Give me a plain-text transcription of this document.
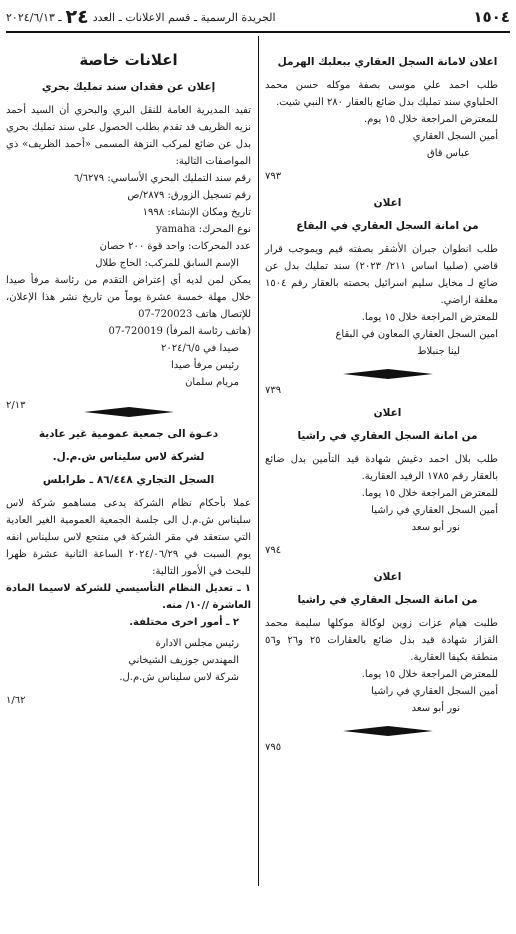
١٥٠٤
الجريدة الرسمية ـ قسم الاعلانات ـ العدد
٢٤
ـ ٢٠٢٤/٦/١٣
اعلان لامانة السجل العقاري ببعلبك الهرمل

طلب احمد علي موسى بصفة موكله حسن محمد الحلباوي سند تمليك بدل ضائع بالعقار ٢٨٠ النبي شيت.

للمعترض المراجعة خلال ١٥ يوم.

أمين السجل العقاري

عباس قاق

٧٩٣
اعلان
من امانة السجل العقاري في البقاع

طلب انطوان جبران الأشقر بصفته قيم ويموجب قرار قاضي (صلبيا اساس ٢١١/ ٢٠٢٣) سند تمليك بدل عن ضائع لـ مخايل سليم اسرائيل بحصته بالعقار رقم ١٥٠٤ معلقة اراضي.

للمعترض المراجعة خلال ١٥ يوما.

امين السجل العقاري المعاون في البقاع

لينا جنبلاط

٧٣٩
اعلان
من امانة السجل العقاري في راشيا

طلب بلال احمد دغيش شهادة قيد التأمين بدل ضائع بالعقار رقم ١٧٨٥ الرفيد العقارية.

للمعترض المراجعة خلال ١٥ يوما.

أمين السجل العقاري في راشيا

نور أبو سعد

٧٩٤
اعلان
من امانة السجل العقاري في راشيا

طلبت هيام عزات زوين لوكالة موكلها سليمة محمد القزاز شهادة قيد بدل ضائع بالعقارات ٢٥ و٢٦ و٥٦ منطقة بكيفا العقارية.

للمعترض المراجعة خلال ١٥ يوما.

أمين السجل العقاري في راشيا

نور أبو سعد

٧٩٥
اعلانات خاصة
إعلان عن فقدان سند تمليك بحري

تفيد المديرية العامة للنقل البري والبحري أن السيد أحمد نزيه الظريف قد تقدم بطلب الحصول على سند تمليك بحري بدل عن ضائع لمركب النزهة المسمى «أحمد الظريف» ذي المواصفات التالية:

رقم سند التمليك البحري الأساسي: ٦/٦٢٧٩

رقم تسجيل الزورق: ٢٨٧٩/ص

تاريخ ومكان الإنشاء: ١٩٩٨

نوع المحرك: yamaha

عدد المحركات: واحد قوة ٢٠٠ حصان

الإسم السابق للمركب: الحاج طلال

يمكن لمن لديه أي إعتراض التقدم من رئاسة مرفأ صيدا خلال مهلة خمسة عشرة يوماً من تاريخ نشر هذا الإعلان، للإتصال هاتف 720023-07

(هاتف رئاسة المرفأ) 720019-07

صيدا في ٢٠٢٤/٦/٥

رئيس مرفأ صيدا

مريام سلمان

٢/١٣
دعـوة الى جمعية عمومية غير عادية
لشركة لاس سليناس ش.م.ل.
السجل التجاري ٨٦/٤٤٨ ـ طرابلس

عملا بأحكام نظام الشركة يدعى مساهمو شركة لاس سليناس ش.م.ل الى جلسة الجمعية العمومية الغير العادية التي ستعقد في مقر الشركة في منتجع لاس سليناس انفه يوم السبت في ٢٠٢٤/٠٦/٢٩ الساعة الثانية عشرة ظهرا للبحث في الأمور التالية:

١ ـ تعديل النظام التأسيسي للشركة لاسيما المادة العاشرة //١٠/ منه.

٢ ـ أمور اخرى مختلفة.

رئيس مجلس الادارة

المهندس جوزيف الشيخاني

شركة لاس سليناس ش.م.ل.

١/٦٢
